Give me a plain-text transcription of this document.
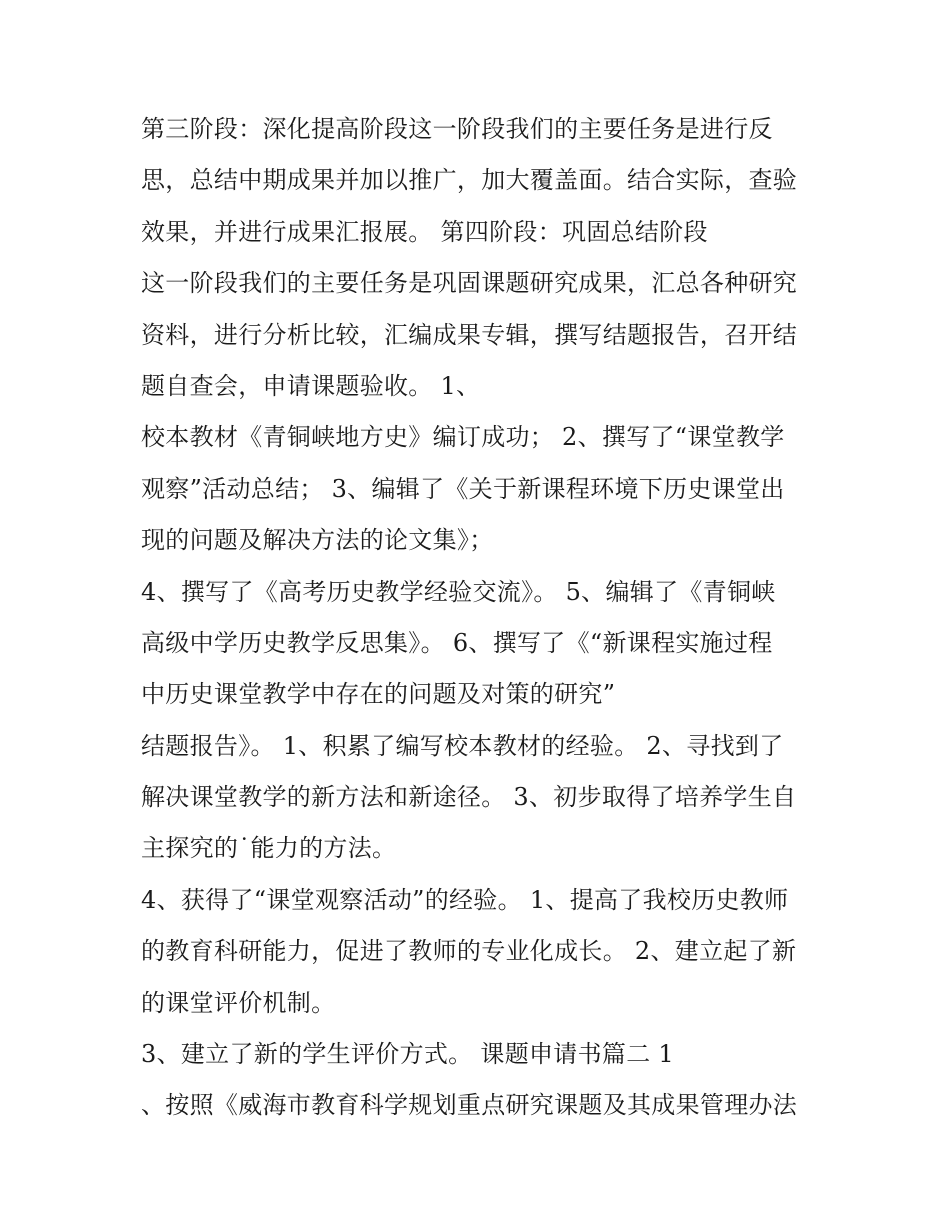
第三阶段：深化提高阶段这一阶段我们的主要任务是进行反
思，总结中期成果并加以推广，加大覆盖面。结合实际，查验
效果，并进行成果汇报展。 第四阶段：巩固总结阶段
这一阶段我们的主要任务是巩固课题研究成果，汇总各种研究
资料，进行分析比较，汇编成果专辑，撰写结题报告，召开结
题自查会，申请课题验收。 1、
校本教材《青铜峡地方史》编订成功； 2、撰写了“课堂教学
观察”活动总结； 3、编辑了《关于新课程环境下历史课堂出
现的问题及解决方法的论文集》；
4、撰写了《高考历史教学经验交流》。 5、编辑了《青铜峡
高级中学历史教学反思集》。 6、撰写了《“新课程实施过程
中历史课堂教学中存在的问题及对策的研究”
结题报告》。 1、积累了编写校本教材的经验。 2、寻找到了
解决课堂教学的新方法和新途径。 3、初步取得了培养学生自
主探究的˙能力的方法。
4、获得了“课堂观察活动”的经验。 1、提高了我校历史教师
的教育科研能力，促进了教师的专业化成长。 2、建立起了新
的课堂评价机制。
3、建立了新的学生评价方式。 课题申请书篇二 1
、按照《威海市教育科学规划重点研究课题及其成果管理办法
